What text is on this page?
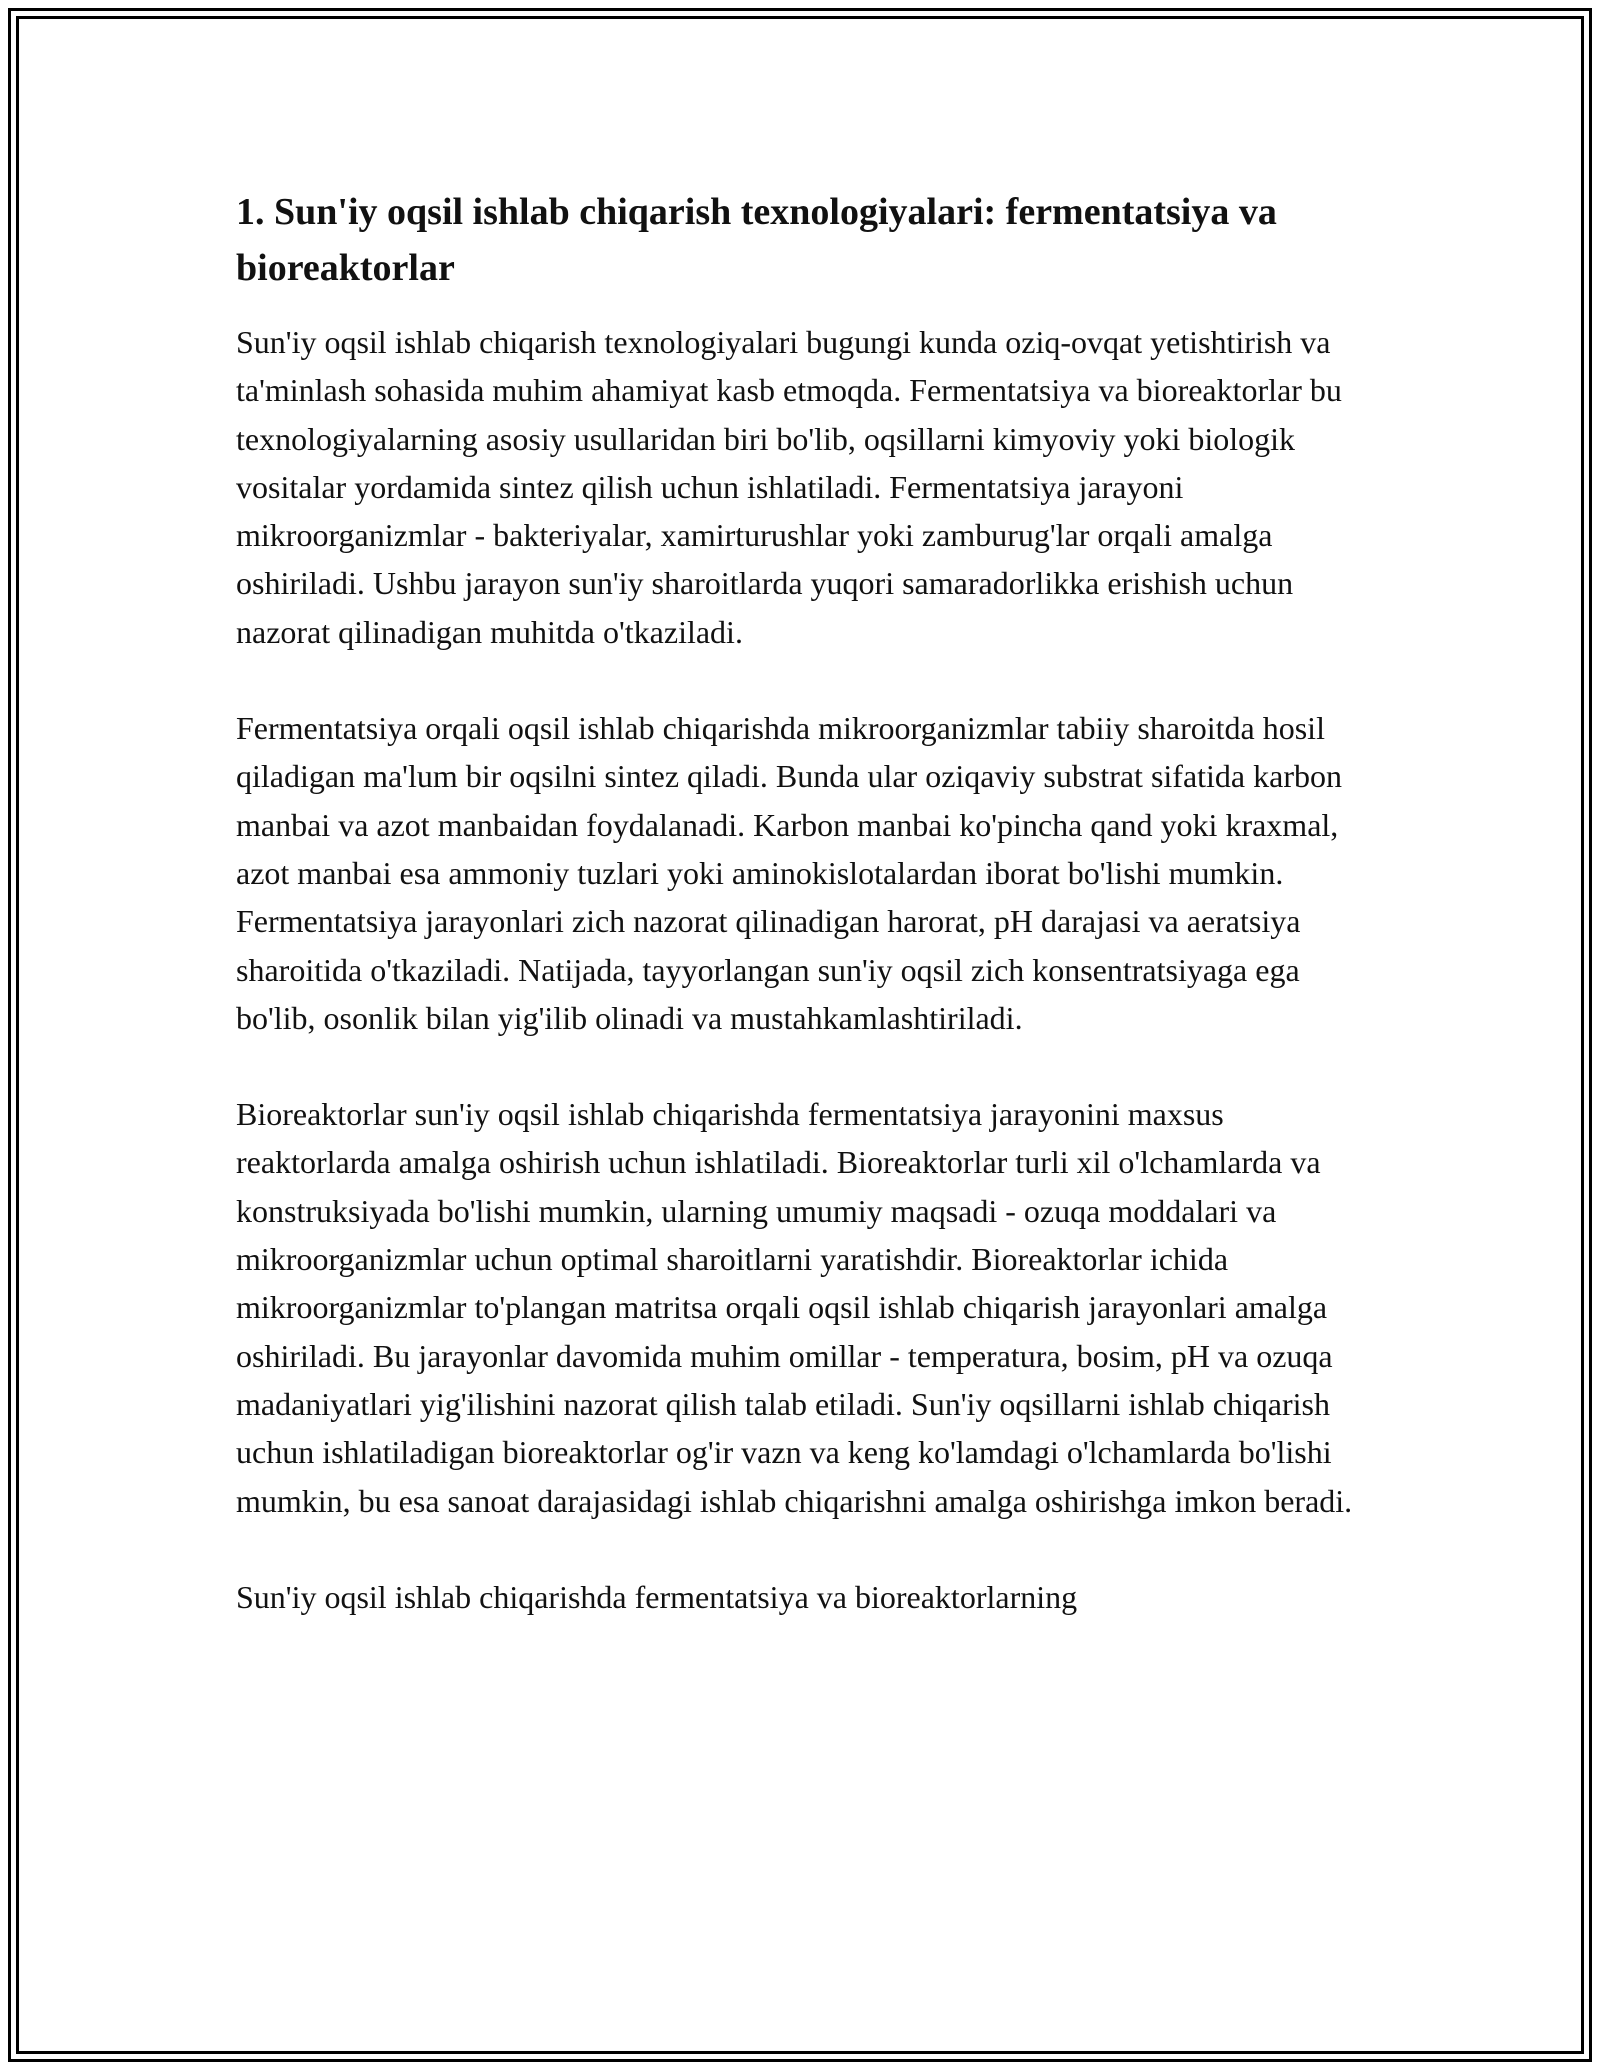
1. Sun'iy oqsil ishlab chiqarish texnologiyalari: fermentatsiya va bioreaktorlar

Sun'iy oqsil ishlab chiqarish texnologiyalari bugungi kunda oziq-ovqat yetishtirish va ta'minlash sohasida muhim ahamiyat kasb etmoqda. Fermentatsiya va bioreaktorlar bu texnologiyalarning asosiy usullaridan biri bo'lib, oqsillarni kimyoviy yoki biologik vositalar yordamida sintez qilish uchun ishlatiladi. Fermentatsiya jarayoni mikroorganizmlar - bakteriyalar, xamirturushlar yoki zamburug'lar orqali amalga oshiriladi. Ushbu jarayon sun'iy sharoitlarda yuqori samaradorlikka erishish uchun nazorat qilinadigan muhitda o'tkaziladi.

Fermentatsiya orqali oqsil ishlab chiqarishda mikroorganizmlar tabiiy sharoitda hosil qiladigan ma'lum bir oqsilni sintez qiladi. Bunda ular oziqaviy substrat sifatida karbon manbai va azot manbaidan foydalanadi. Karbon manbai ko'pincha qand yoki kraxmal, azot manbai esa ammoniy tuzlari yoki aminokislotalardan iborat bo'lishi mumkin. Fermentatsiya jarayonlari zich nazorat qilinadigan harorat, pH darajasi va aeratsiya sharoitida o'tkaziladi. Natijada, tayyorlangan sun'iy oqsil zich konsentratsiyaga ega bo'lib, osonlik bilan yig'ilib olinadi va mustahkamlashtiriladi.

Bioreaktorlar sun'iy oqsil ishlab chiqarishda fermentatsiya jarayonini maxsus reaktorlarda amalga oshirish uchun ishlatiladi. Bioreaktorlar turli xil o'lchamlarda va konstruksiyada bo'lishi mumkin, ularning umumiy maqsadi - ozuqa moddalari va mikroorganizmlar uchun optimal sharoitlarni yaratishdir. Bioreaktorlar ichida mikroorganizmlar to'plangan matritsa orqali oqsil ishlab chiqarish jarayonlari amalga oshiriladi. Bu jarayonlar davomida muhim omillar - temperatura, bosim, pH va ozuqa madaniyatlari yig'ilishini nazorat qilish talab etiladi. Sun'iy oqsillarni ishlab chiqarish uchun ishlatiladigan bioreaktorlar og'ir vazn va keng ko'lamdagi o'lchamlarda bo'lishi mumkin, bu esa sanoat darajasidagi ishlab chiqarishni amalga oshirishga imkon beradi.

Sun'iy oqsil ishlab chiqarishda fermentatsiya va bioreaktorlarning
